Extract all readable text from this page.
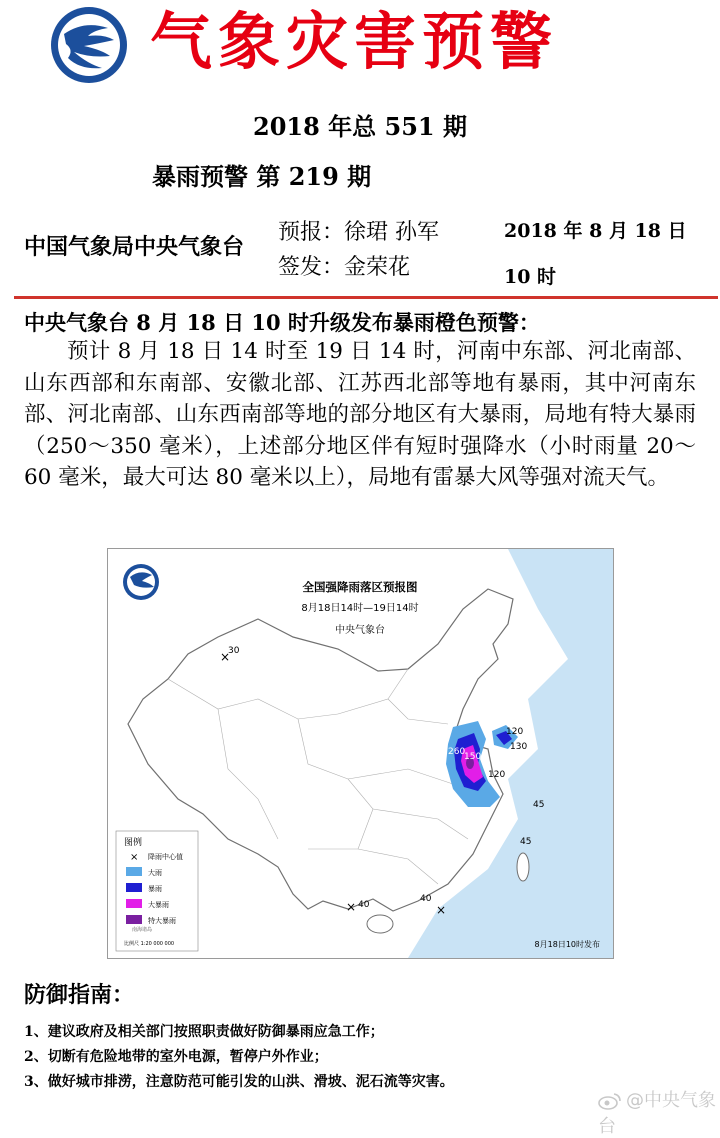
气象灾害预警
2018 年总 551 期
暴雨预警 第 219 期
中国气象局中央气象台
预报：徐珺 孙军
签发：金荣花
2018 年 8 月 18 日 10 时
中央气象台 8 月 18 日 10 时升级发布暴雨橙色预警：
预计 8 月 18 日 14 时至 19 日 14 时，河南中东部、河北南部、山东西部和东南部、安徽北部、江苏西北部等地有暴雨，其中河南东部、河北南部、山东西南部等地的部分地区有大暴雨，局地有特大暴雨（250～350 毫米），上述部分地区伴有短时强降水（小时雨量 20～60 毫米，最大可达 80 毫米以上），局地有雷暴大风等强对流天气。
30
×
120
130
260
150
120
× 40	×
40
45
45
全国强降雨落区预报图
8月18日14时—19日14时
中央气象台
图例
× 降雨中心值
大雨
暴雨
大暴雨
特大暴雨
比例尺 1:20 000 000
南海诸岛
8月18日10时发布
防御指南：
1、建议政府及相关部门按照职责做好防御暴雨应急工作；
2、切断有危险地带的室外电源，暂停户外作业；
3、做好城市排涝，注意防范可能引发的山洪、滑坡、泥石流等灾害。
@中央气象台
